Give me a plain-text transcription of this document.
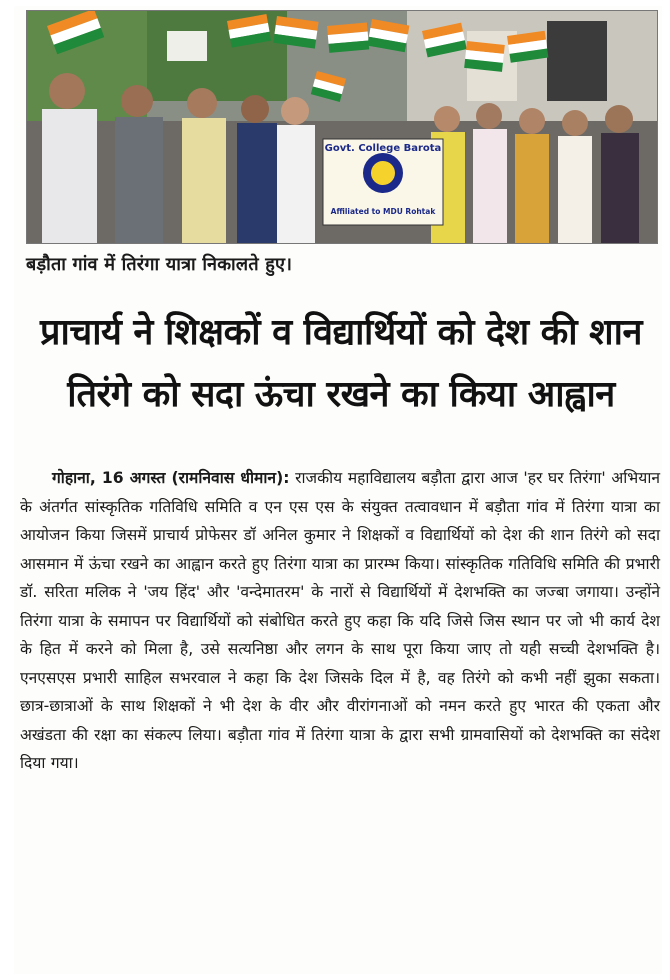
Govt. College Barota
Affiliated to MDU Rohtak
बड़ौता गांव में तिरंगा यात्रा निकालते हुए।
प्राचार्य ने शिक्षकों व विद्यार्थियों को देश की शान
तिरंगे को सदा ऊंचा रखने का किया आह्वान
गोहाना, 16 अगस्त (रामनिवास धीमान): राजकीय महाविद्यालय बड़ौता द्वारा आज 'हर घर तिरंगा' अभियान के अंतर्गत सांस्कृतिक गतिविधि समिति व एन एस एस के संयुक्त तत्वावधान में बड़ौता गांव में तिरंगा यात्रा का आयोजन किया जिसमें प्राचार्य प्रोफेसर डॉ अनिल कुमार ने शिक्षकों व विद्यार्थियों को देश की शान तिरंगे को सदा आसमान में ऊंचा रखने का आह्वान करते हुए तिरंगा यात्रा का प्रारम्भ किया। सांस्कृतिक गतिविधि समिति की प्रभारी डॉ. सरिता मलिक ने 'जय हिंद' और 'वन्देमातरम' के नारों से विद्यार्थियों में देशभक्ति का जज्बा जगाया। उन्होंने तिरंगा यात्रा के समापन पर विद्यार्थियों को संबोधित करते हुए कहा कि यदि जिसे जिस स्थान पर जो भी कार्य देश के हित में करने को मिला है, उसे सत्यनिष्ठा और लगन के साथ पूरा किया जाए तो यही सच्ची देशभक्ति है। एनएसएस प्रभारी साहिल सभरवाल ने कहा कि देश जिसके दिल में है, वह तिरंगे को कभी नहीं झुका सकता। छात्र-छात्राओं के साथ शिक्षकों ने भी देश के वीर और वीरांगनाओं को नमन करते हुए भारत की एकता और अखंडता की रक्षा का संकल्प लिया। बड़ौता गांव में तिरंगा यात्रा के द्वारा सभी ग्रामवासियों को देशभक्ति का संदेश दिया गया।
